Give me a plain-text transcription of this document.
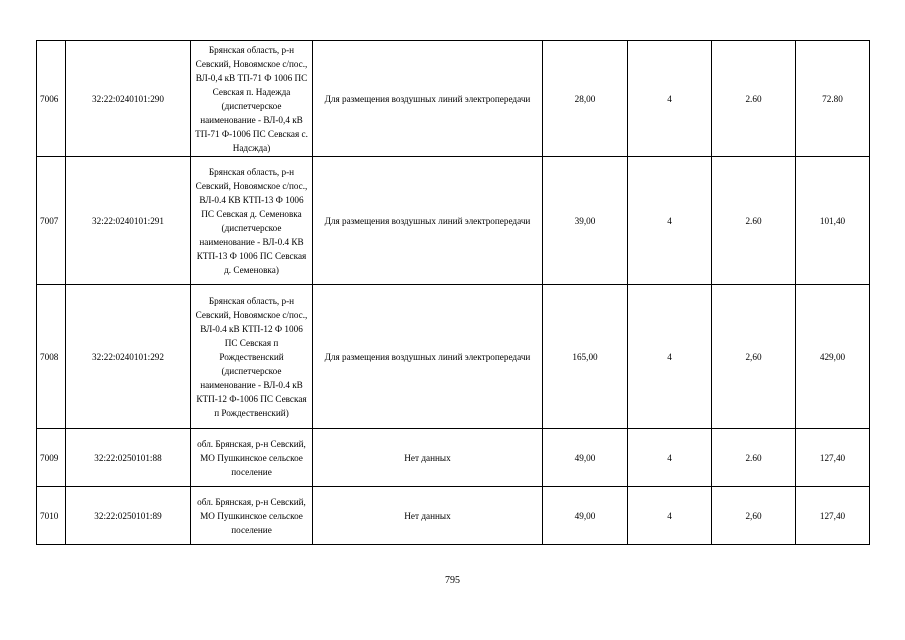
7006	32:22:0240101:290	Брянская область, р-н Севский, Новоямское с/пос., ВЛ-0,4 кВ ТП-71 Ф 1006 ПС Севская п. Надежда (диспетчерское наименование - ВЛ-0,4 кВ ТП-71 Ф-1006 ПС Севская с. Надсжда)	Для размещения воздушных линий электропередачи	28,00	4	2.60	72.80
7007	32:22:0240101:291	Брянская область, р-н Севский, Новоямское с/пос., ВЛ-0.4 КВ КТП-13 Ф 1006 ПС Севская д. Семеновка (диспетчерское наименование - ВЛ-0.4 КВ КТП-13 Ф 1006 ПС Севская д. Семеновка)	Для размещения воздушных линий электропередачи	39,00	4	2.60	101,40
7008	32:22:0240101:292	Брянская область, р-н Севский, Новоямское с/пос., ВЛ-0.4 кВ КТП-12 Ф 1006 ПС Севская п Рождественский (диспетчерское наименование - ВЛ-0.4 кВ КТП-12 Ф-1006 ПС Севская п Рождественский)	Для размещения воздушных линий электропередачи	165,00	4	2,60	429,00
7009	32:22:0250101:88	обл. Брянская, р-н Севский, МО Пушкинское сельское поселение	Нет данных	49,00	4	2.60	127,40
7010	32:22:0250101:89	обл. Брянская, р-н Севский, МО Пушкинское сельское поселение	Нет данных	49,00	4	2,60	127,40
795
